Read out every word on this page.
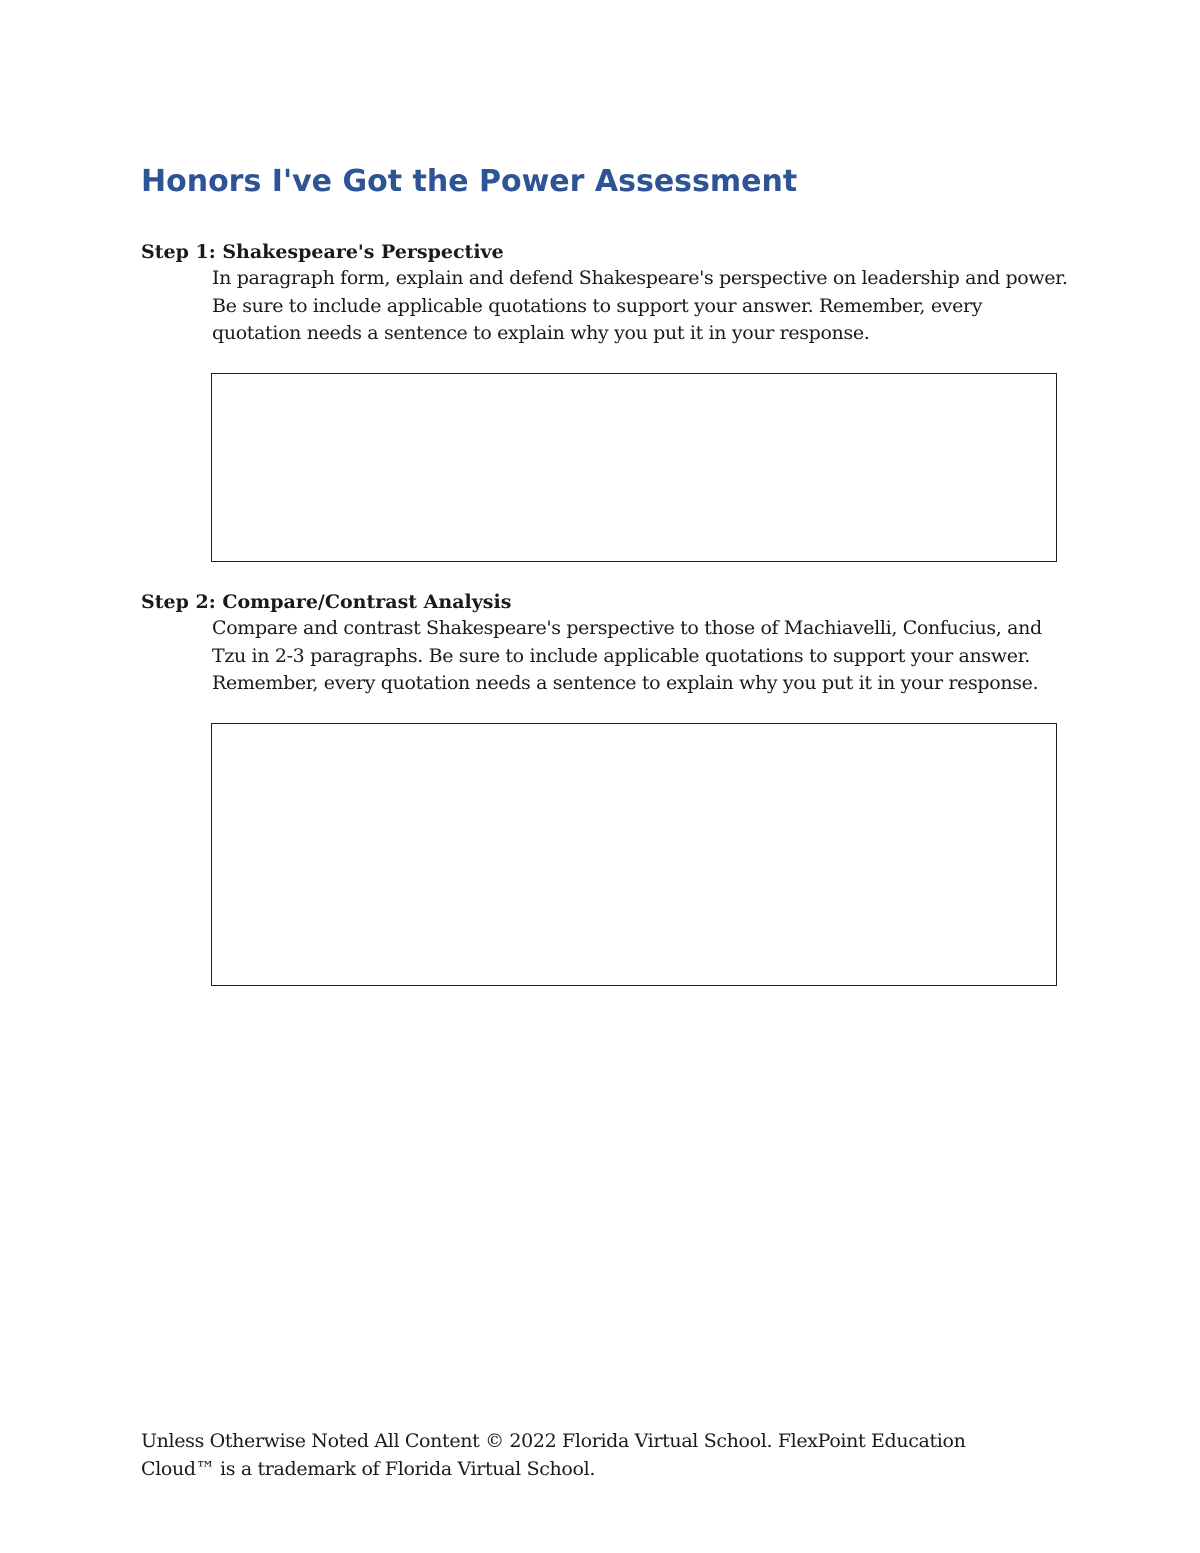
Honors I've Got the Power Assessment
Step 1: Shakespeare's Perspective

In paragraph form, explain and defend Shakespeare's perspective on leadership and power. Be sure to include applicable quotations to support your answer. Remember, every quotation needs a sentence to explain why you put it in your response.

Step 2: Compare/Contrast Analysis

Compare and contrast Shakespeare's perspective to those of Machiavelli, Confucius, and Tzu in 2-3 paragraphs. Be sure to include applicable quotations to support your answer. Remember, every quotation needs a sentence to explain why you put it in your response.

Unless Otherwise Noted All Content © 2022 Florida Virtual School. FlexPoint Education Cloud™ is a trademark of Florida Virtual School.
